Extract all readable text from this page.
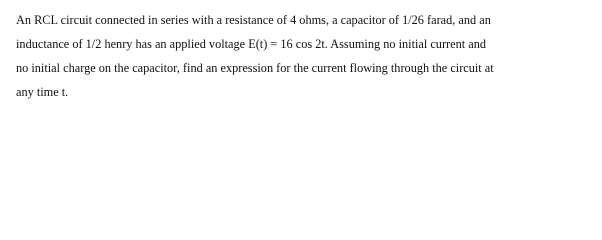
An RCL circuit connected in series with a resistance of 4 ohms, a capacitor of 1/26 farad, and an
inductance of 1/2 henry has an applied voltage E(t) = 16 cos 2t. Assuming no initial current and
no initial charge on the capacitor, find an expression for the current flowing through the circuit at
any time t.
